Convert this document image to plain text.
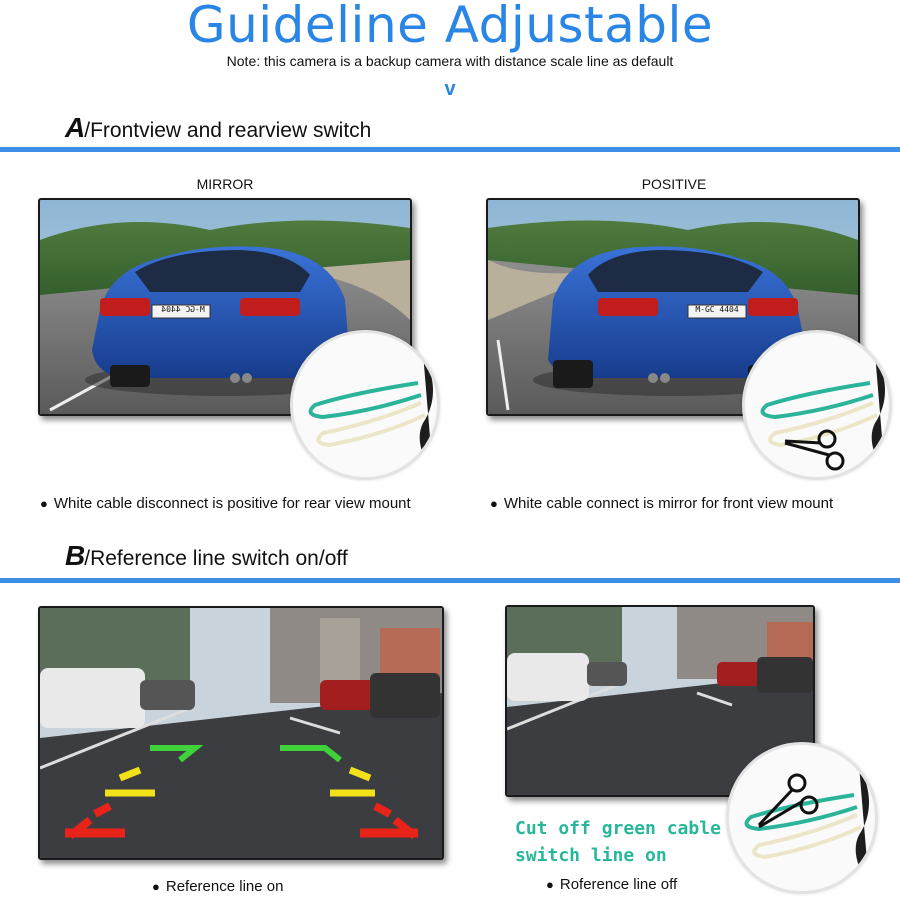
Guideline Adjustable
Note: this camera is a backup camera with distance scale line as default
v
A/Frontview and rearview switch
MIRROR	POSITIVE
M-GC 4404	M-GC 4404
● White cable disconnect is positive for rear view mount	● White cable connect is mirror for front view mount
B/Reference line switch on/off
Cut off green cable
switch line on
● Reference line on	● Roference line off
